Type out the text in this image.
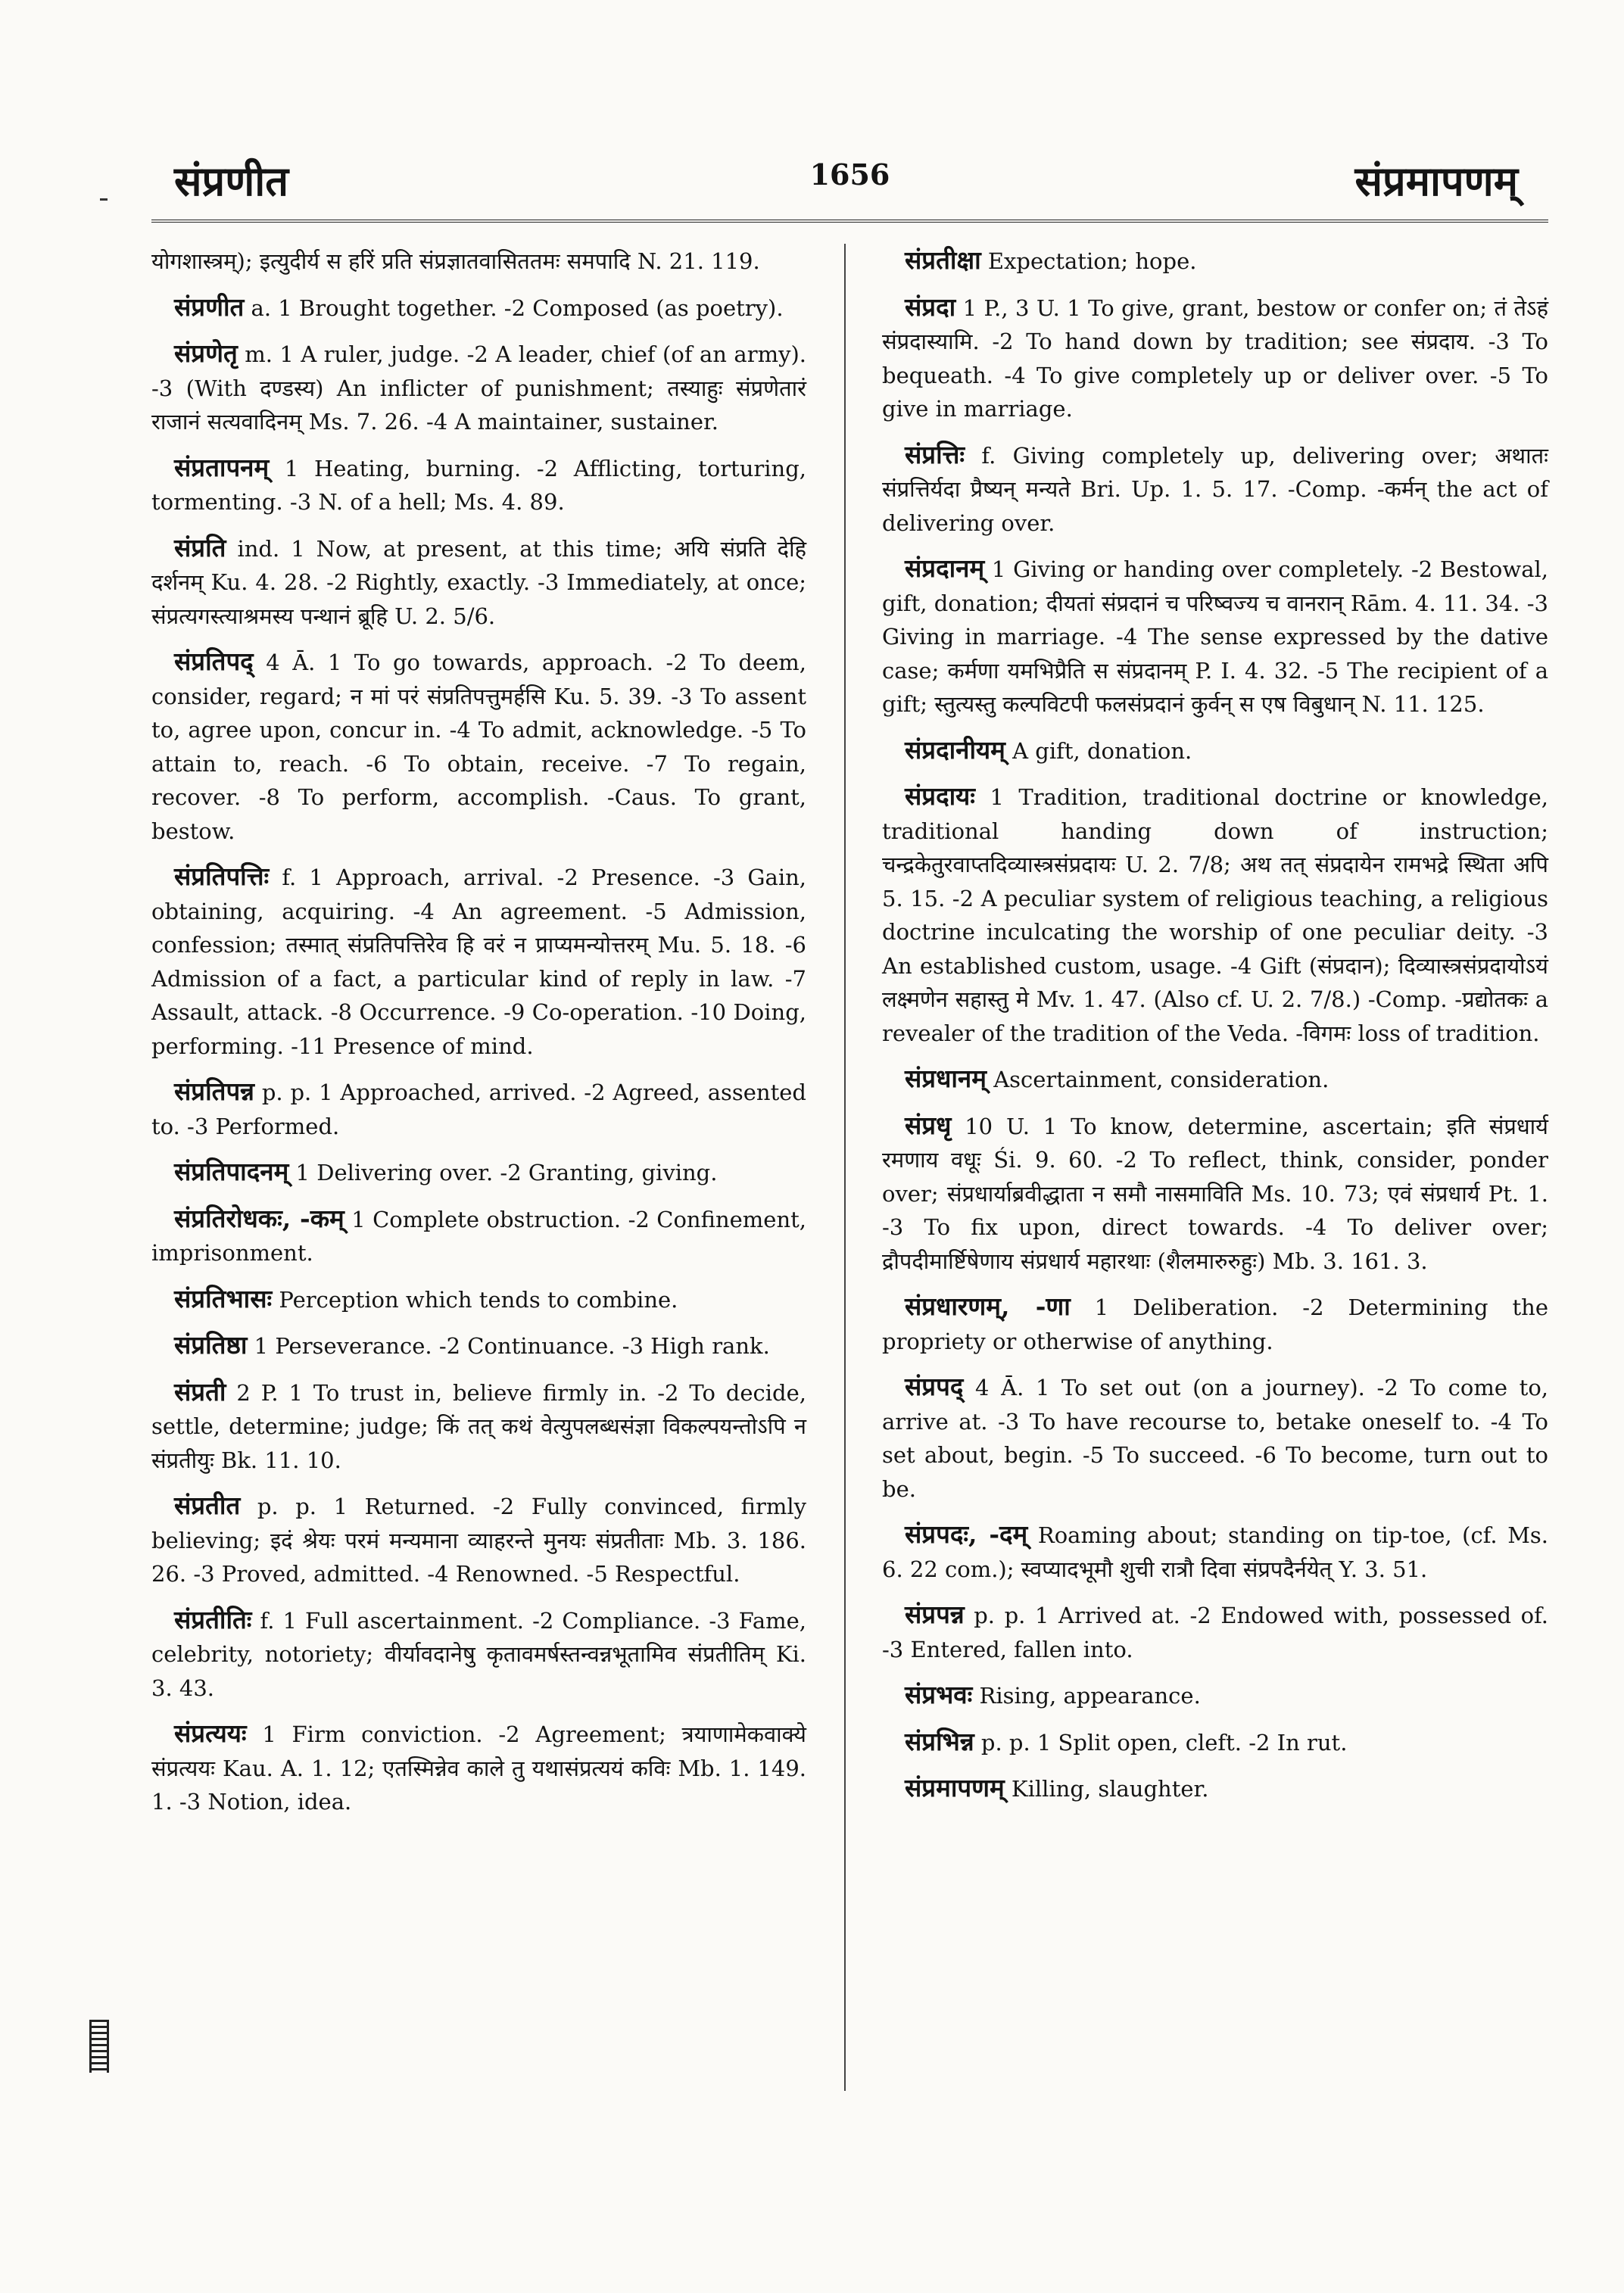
संप्रणीत	1656	संप्रमापणम्

योगशास्त्रम्); इत्युदीर्य स हरिं प्रति संप्रज्ञातवासिततमः समपादि N. 21. 119.

संप्रणीत a. 1 Brought together. -2 Composed (as poetry).

संप्रणेतृ m. 1 A ruler, judge. -2 A leader, chief (of an army). -3 (With दण्डस्य) An inflicter of punishment; तस्याहुः संप्रणेतारं राजानं सत्यवादिनम् Ms. 7. 26. -4 A maintainer, sustainer.

संप्रतापनम् 1 Heating, burning. -2 Afflicting, torturing, tormenting. -3 N. of a hell; Ms. 4. 89.

संप्रति ind. 1 Now, at present, at this time; अयि संप्रति देहि दर्शनम् Ku. 4. 28. -2 Rightly, exactly. -3 Immediately, at once; संप्रत्यगस्त्याश्रमस्य पन्थानं ब्रूहि U. 2. 5/6.

संप्रतिपद् 4 Ā. 1 To go towards, approach. -2 To deem, consider, regard; न मां परं संप्रतिपत्तुमर्हसि Ku. 5. 39. -3 To assent to, agree upon, concur in. -4 To admit, acknowledge. -5 To attain to, reach. -6 To obtain, receive. -7 To regain, recover. -8 To perform, accomplish. -Caus. To grant, bestow.

संप्रतिपत्तिः f. 1 Approach, arrival. -2 Presence. -3 Gain, obtaining, acquiring. -4 An agreement. -5 Admission, confession; तस्मात् संप्रतिपत्तिरेव हि वरं न प्राप्यमन्योत्तरम् Mu. 5. 18. -6 Admission of a fact, a particular kind of reply in law. -7 Assault, attack. -8 Occurrence. -9 Co-operation. -10 Doing, performing. -11 Presence of mind.

संप्रतिपन्न p. p. 1 Approached, arrived. -2 Agreed, assented to. -3 Performed.

संप्रतिपादनम् 1 Delivering over. -2 Granting, giving.

संप्रतिरोधकः, -कम् 1 Complete obstruction. -2 Confinement, imprisonment.

संप्रतिभासः Perception which tends to combine.

संप्रतिष्ठा 1 Perseverance. -2 Continuance. -3 High rank.

संप्रती 2 P. 1 To trust in, believe firmly in. -2 To decide, settle, determine; judge; किं तत् कथं वेत्युपलब्धसंज्ञा विकल्पयन्तोऽपि न संप्रतीयुः Bk. 11. 10.

संप्रतीत p. p. 1 Returned. -2 Fully convinced, firmly believing; इदं श्रेयः परमं मन्यमाना व्याहरन्ते मुनयः संप्रतीताः Mb. 3. 186. 26. -3 Proved, admitted. -4 Renowned. -5 Respectful.

संप्रतीतिः f. 1 Full ascertainment. -2 Compliance. -3 Fame, celebrity, notoriety; वीर्यावदानेषु कृतावमर्षस्तन्वन्नभूतामिव संप्रतीतिम् Ki. 3. 43.

संप्रत्ययः 1 Firm conviction. -2 Agreement; त्रयाणामेकवाक्ये संप्रत्ययः Kau. A. 1. 12; एतस्मिन्नेव काले तु यथासंप्रत्ययं कविः Mb. 1. 149. 1. -3 Notion, idea.

संप्रतीक्षा Expectation; hope.

संप्रदा 1 P., 3 U. 1 To give, grant, bestow or confer on; तं तेऽहं संप्रदास्यामि. -2 To hand down by tradition; see संप्रदाय. -3 To bequeath. -4 To give completely up or deliver over. -5 To give in marriage.

संप्रत्तिः f. Giving completely up, delivering over; अथातः संप्रत्तिर्यदा प्रैष्यन् मन्यते Bri. Up. 1. 5. 17. -Comp. -कर्मन् the act of delivering over.

संप्रदानम् 1 Giving or handing over completely. -2 Bestowal, gift, donation; दीयतां संप्रदानं च परिष्वज्य च वानरान् Rām. 4. 11. 34. -3 Giving in marriage. -4 The sense expressed by the dative case; कर्मणा यमभिप्रैति स संप्रदानम् P. I. 4. 32. -5 The recipient of a gift; स्तुत्यस्तु कल्पविटपी फलसंप्रदानं कुर्वन् स एष विबुधान् N. 11. 125.

संप्रदानीयम् A gift, donation.

संप्रदायः 1 Tradition, traditional doctrine or knowledge, traditional handing down of instruction; चन्द्रकेतुरवाप्तदिव्यास्त्रसंप्रदायः U. 2. 7/8; अथ तत् संप्रदायेन रामभद्रे स्थिता अपि 5. 15. -2 A peculiar system of religious teaching, a religious doctrine inculcating the worship of one peculiar deity. -3 An established custom, usage. -4 Gift (संप्रदान); दिव्यास्त्रसंप्रदायोऽयं लक्ष्मणेन सहास्तु मे Mv. 1. 47. (Also cf. U. 2. 7/8.) -Comp. -प्रद्योतकः a revealer of the tradition of the Veda. -विगमः loss of tradition.

संप्रधानम् Ascertainment, consideration.

संप्रधृ 10 U. 1 To know, determine, ascertain; इति संप्रधार्य रमणाय वधूः Śi. 9. 60. -2 To reflect, think, consider, ponder over; संप्रधार्याब्रवीद्धाता न समौ नासमाविति Ms. 10. 73; एवं संप्रधार्य Pt. 1. -3 To fix upon, direct towards. -4 To deliver over; द्रौपदीमार्ष्टिषेणाय संप्रधार्य महारथाः (शैलमारुरुहुः) Mb. 3. 161. 3.

संप्रधारणम्, -णा 1 Deliberation. -2 Determining the propriety or otherwise of anything.

संप्रपद् 4 Ā. 1 To set out (on a journey). -2 To come to, arrive at. -3 To have recourse to, betake oneself to. -4 To set about, begin. -5 To succeed. -6 To become, turn out to be.

संप्रपदः, -दम् Roaming about; standing on tip-toe, (cf. Ms. 6. 22 com.); स्वप्यादभूमौ शुची रात्रौ दिवा संप्रपदैर्नयेत् Y. 3. 51.

संप्रपन्न p. p. 1 Arrived at. -2 Endowed with, possessed of. -3 Entered, fallen into.

संप्रभवः Rising, appearance.

संप्रभिन्न p. p. 1 Split open, cleft. -2 In rut.

संप्रमापणम् Killing, slaughter.
